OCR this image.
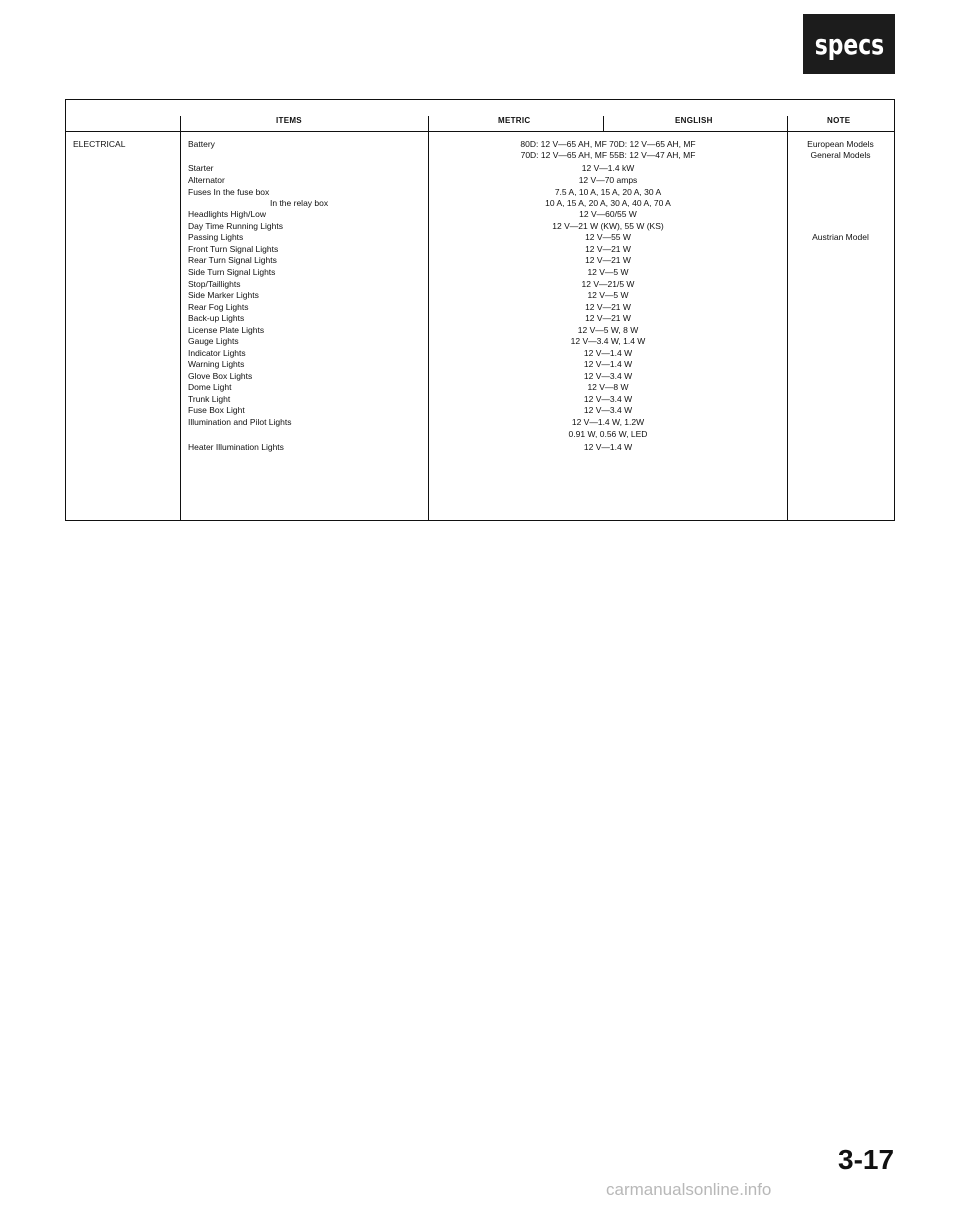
specs
ITEMS	METRIC	ENGLISH	NOTE
ELECTRICAL	Battery	80D: 12 V—65 AH, MF 70D: 12 V—65 AH, MF	European Models
70D: 12 V—65 AH, MF 55B: 12 V—47 AH, MF	General Models
Starter	12 V—1.4 kW
Alternator	12 V—70 amps
Fuses In the fuse box	7.5 A, 10 A, 15 A, 20 A, 30 A
In the relay box	10 A, 15 A, 20 A, 30 A, 40 A, 70 A
Headlights High/Low	12 V—60/55 W
Day Time Running Lights	12 V—21 W (KW), 55 W (KS)
Passing Lights	12 V—55 W	Austrian Model
Front Turn Signal Lights	12 V—21 W
Rear Turn Signal Lights	12 V—21 W
Side Turn Signal Lights	12 V—5 W
Stop/Taillights	12 V—21/5 W
Side Marker Lights	12 V—5 W
Rear Fog Lights	12 V—21 W
Back-up Lights	12 V—21 W
License Plate Lights	12 V—5 W, 8 W
Gauge Lights	12 V—3.4 W, 1.4 W
Indicator Lights	12 V—1.4 W
Warning Lights	12 V—1.4 W
Glove Box Lights	12 V—3.4 W
Dome Light	12 V—8 W
Trunk Light	12 V—3.4 W
Fuse Box Light	12 V—3.4 W
Illumination and Pilot Lights	12 V—1.4 W, 1.2W
0.91 W, 0.56 W, LED
Heater Illumination Lights	12 V—1.4 W
3-17
carmanualsonline.info
